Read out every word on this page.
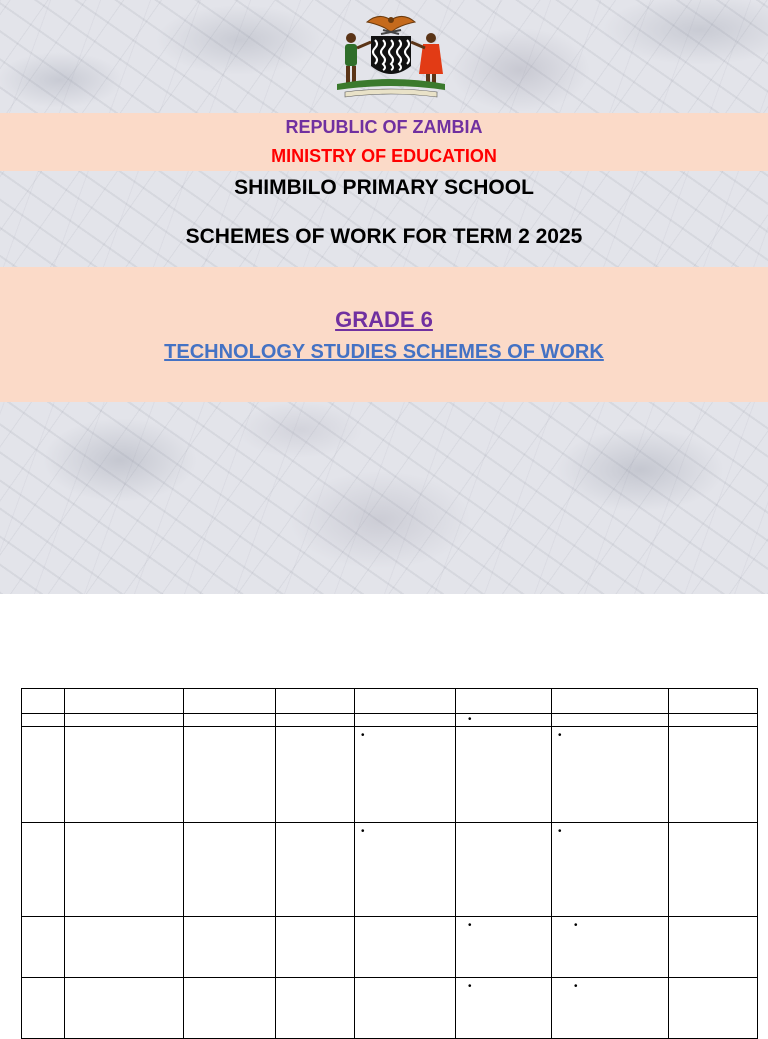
REPUBLIC OF ZAMBIA
MINISTRY OF EDUCATION
SHIMBILO PRIMARY SCHOOL
SCHEMES OF WORK FOR TERM 2 2025
GRADE 6
TECHNOLOGY STUDIES SCHEMES OF WORK

					•		

				•		•	

				•		•	

					•	•	

					•	•	
